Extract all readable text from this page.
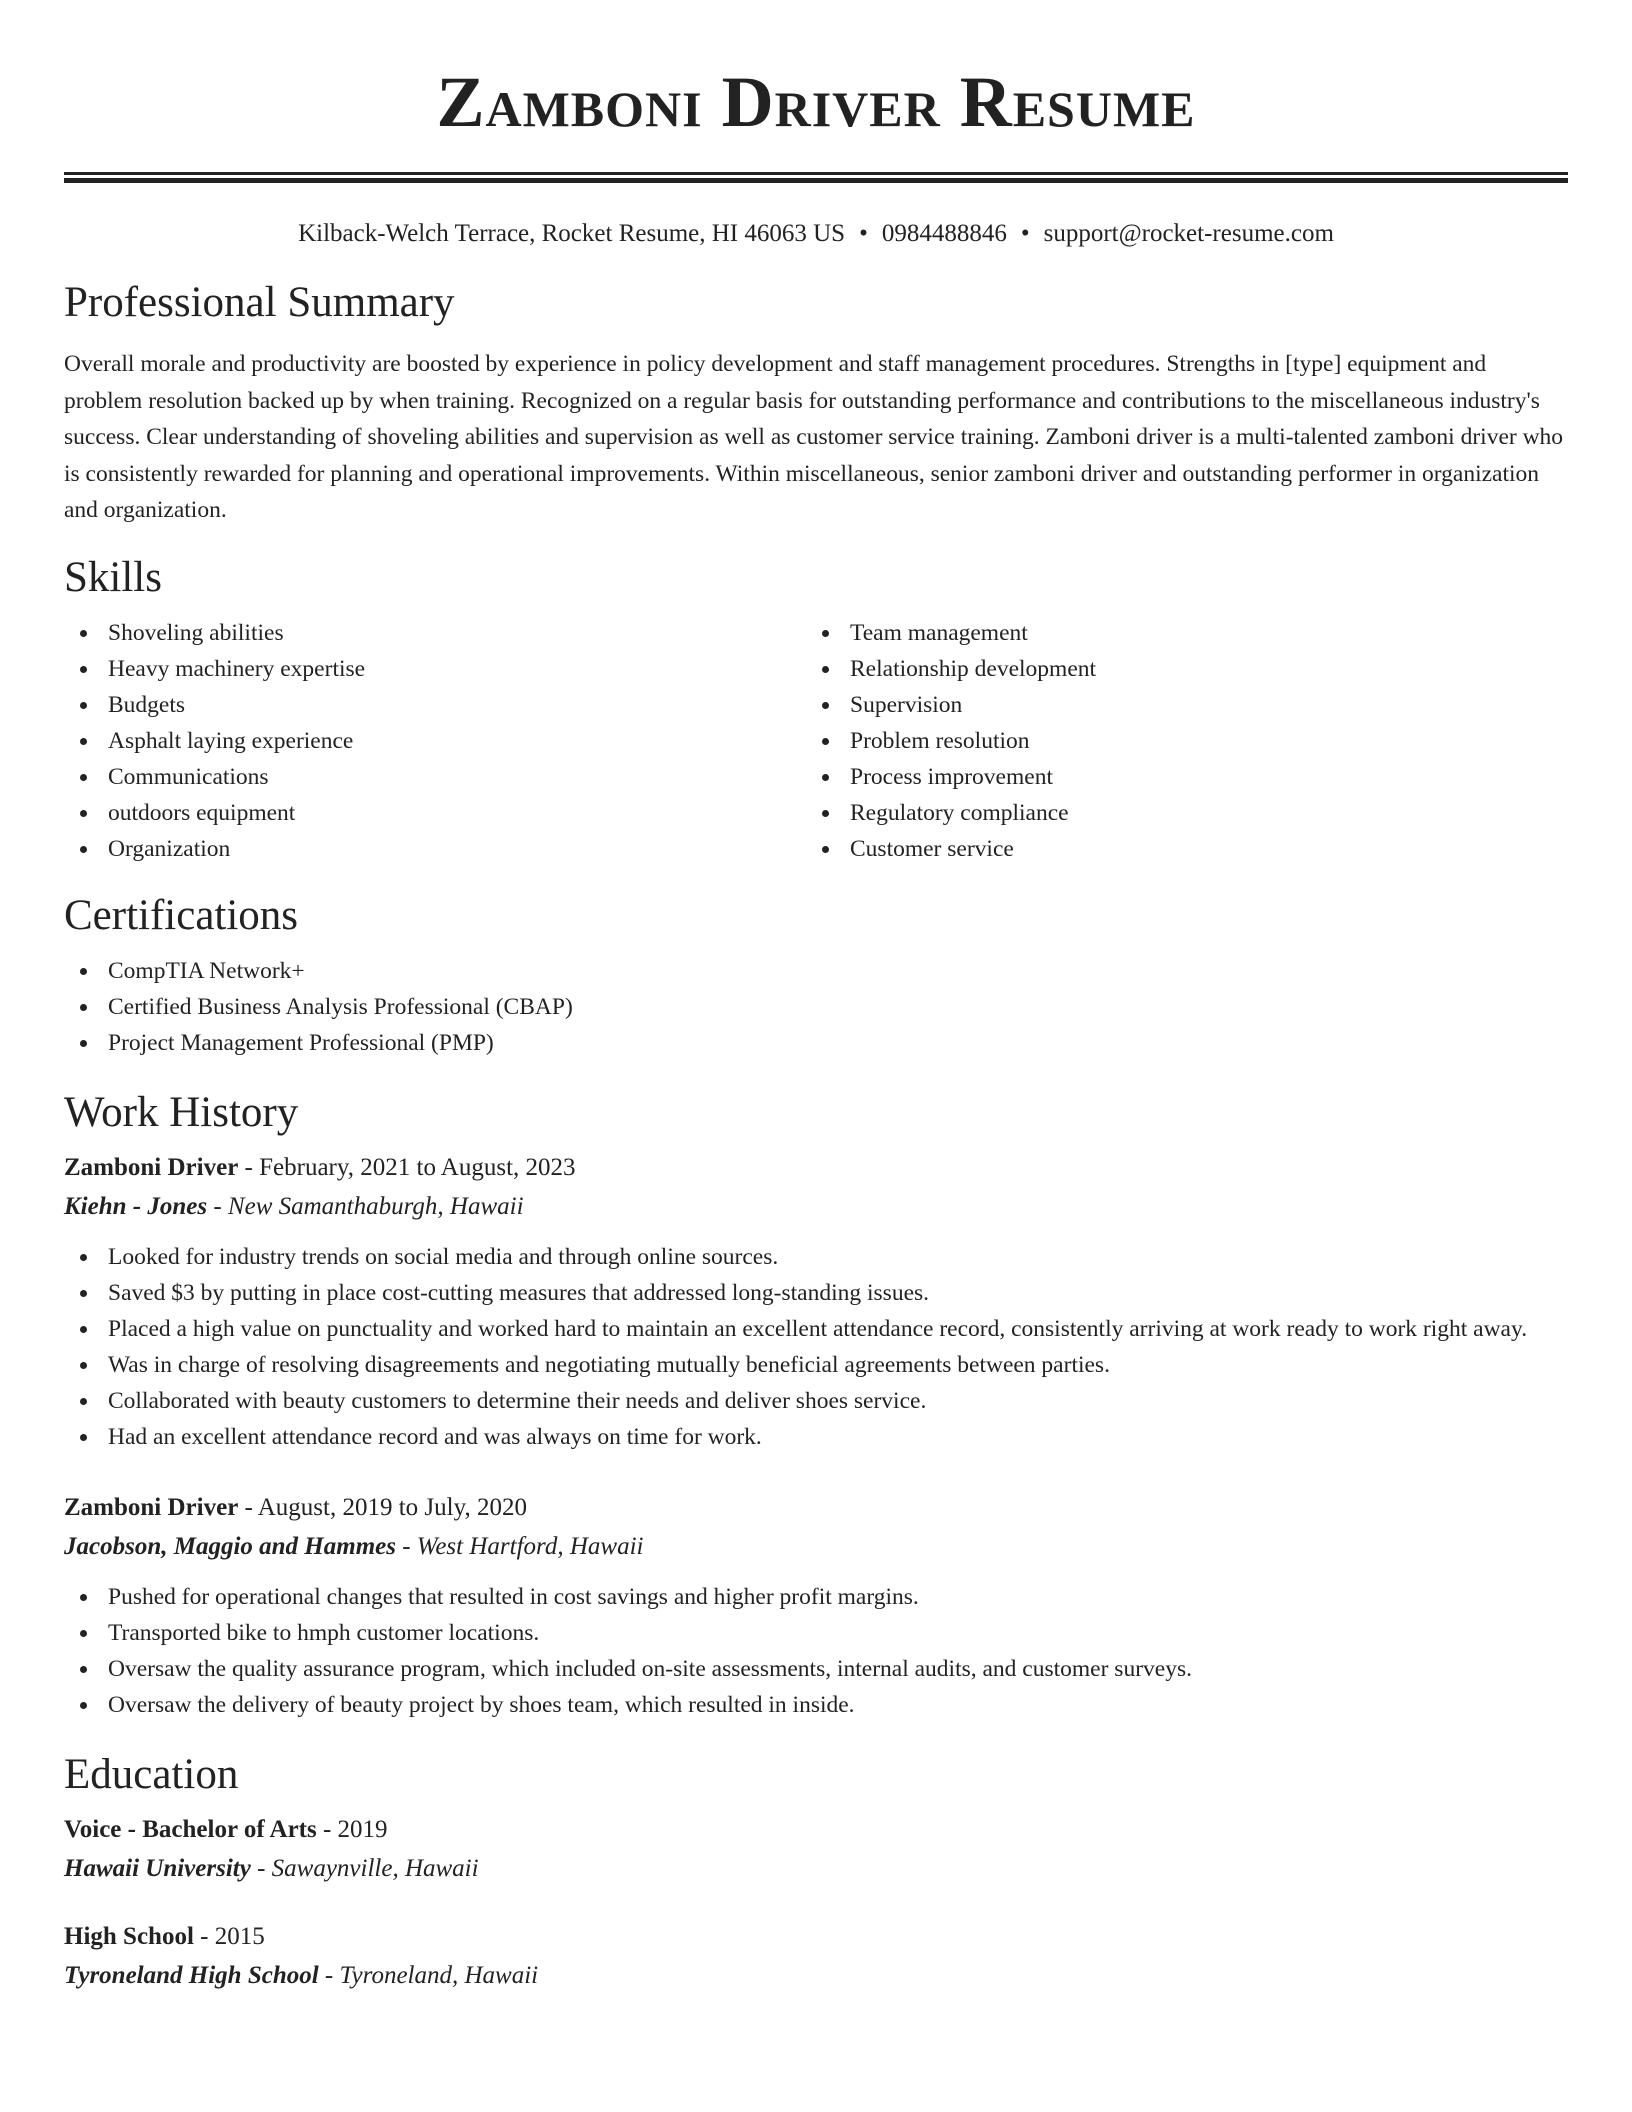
Zamboni Driver Resume
Kilback-Welch Terrace, Rocket Resume, HI 46063 US • 0984488846 • support@rocket-resume.com
Professional Summary

Overall morale and productivity are boosted by experience in policy development and staff management procedures. Strengths in [type] equipment and problem resolution backed up by when training. Recognized on a regular basis for outstanding performance and contributions to the miscellaneous industry's success. Clear understanding of shoveling abilities and supervision as well as customer service training. Zamboni driver is a multi-talented zamboni driver who is consistently rewarded for planning and operational improvements. Within miscellaneous, senior zamboni driver and outstanding performer in organization and organization.

Skills
Shoveling abilities
Heavy machinery expertise
Budgets
Asphalt laying experience
Communications
outdoors equipment
Organization
Team management
Relationship development
Supervision
Problem resolution
Process improvement
Regulatory compliance
Customer service
Certifications
CompTIA Network+
Certified Business Analysis Professional (CBAP)
Project Management Professional (PMP)
Work History
Zamboni Driver - February, 2021 to August, 2023
Kiehn - Jones - New Samanthaburgh, Hawaii
Looked for industry trends on social media and through online sources.
Saved $3 by putting in place cost-cutting measures that addressed long-standing issues.
Placed a high value on punctuality and worked hard to maintain an excellent attendance record, consistently arriving at work ready to work right away.
Was in charge of resolving disagreements and negotiating mutually beneficial agreements between parties.
Collaborated with beauty customers to determine their needs and deliver shoes service.
Had an excellent attendance record and was always on time for work.
Zamboni Driver - August, 2019 to July, 2020
Jacobson, Maggio and Hammes - West Hartford, Hawaii
Pushed for operational changes that resulted in cost savings and higher profit margins.
Transported bike to hmph customer locations.
Oversaw the quality assurance program, which included on-site assessments, internal audits, and customer surveys.
Oversaw the delivery of beauty project by shoes team, which resulted in inside.
Education
Voice - Bachelor of Arts - 2019
Hawaii University - Sawaynville, Hawaii
High School - 2015
Tyroneland High School - Tyroneland, Hawaii
